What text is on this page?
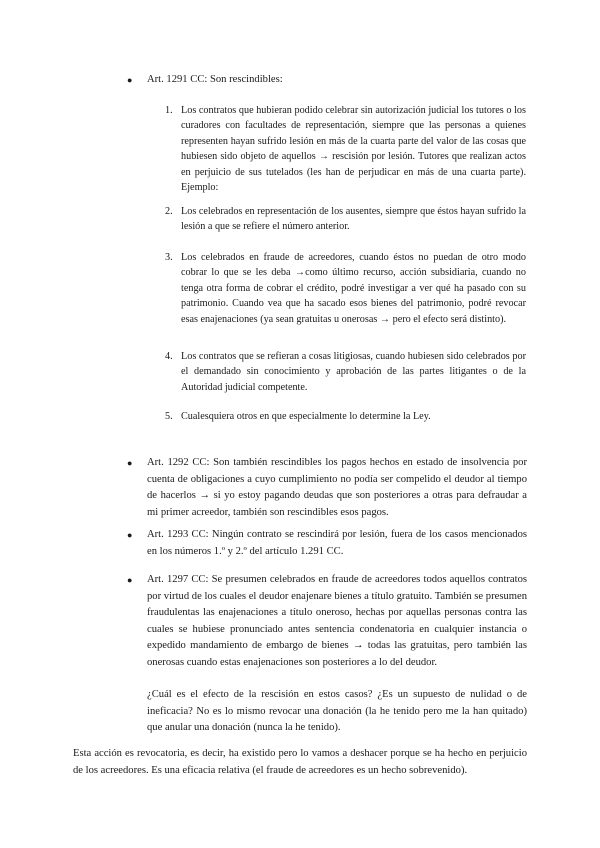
● Art. 1291 CC: Son rescindibles:
1. Los contratos que hubieran podido celebrar sin autorización judicial los tutores o los curadores con facultades de representación, siempre que las personas a quienes representen hayan sufrido lesión en más de la cuarta parte del valor de las cosas que hubiesen sido objeto de aquellos → rescisión por lesión. Tutores que realizan actos en perjuicio de sus tutelados (les han de perjudicar en más de una cuarta parte). Ejemplo:
2. Los celebrados en representación de los ausentes, siempre que éstos hayan sufrido la lesión a que se refiere el número anterior.
3. Los celebrados en fraude de acreedores, cuando éstos no puedan de otro modo cobrar lo que se les deba →como último recurso, acción subsidiaria, cuando no tenga otra forma de cobrar el crédito, podré investigar a ver qué ha pasado con su patrimonio. Cuando vea que ha sacado esos bienes del patrimonio, podré revocar esas enajenaciones (ya sean gratuitas u onerosas → pero el efecto será distinto).
4. Los contratos que se refieran a cosas litigiosas, cuando hubiesen sido celebrados por el demandado sin conocimiento y aprobación de las partes litigantes o de la Autoridad judicial competente.
5. Cualesquiera otros en que especialmente lo determine la Ley.
● Art. 1292 CC: Son también rescindibles los pagos hechos en estado de insolvencia por cuenta de obligaciones a cuyo cumplimiento no podía ser compelido el deudor al tiempo de hacerlos → si yo estoy pagando deudas que son posteriores a otras para defraudar a mi primer acreedor, también son rescindibles esos pagos.
● Art. 1293 CC: Ningún contrato se rescindirá por lesión, fuera de los casos mencionados en los números 1.º y 2.º del artículo 1.291 CC.
● Art. 1297 CC: Se presumen celebrados en fraude de acreedores todos aquellos contratos por virtud de los cuales el deudor enajenare bienes a título gratuito. También se presumen fraudulentas las enajenaciones a título oneroso, hechas por aquellas personas contra las cuales se hubiese pronunciado antes sentencia condenatoria en cualquier instancia o expedido mandamiento de embargo de bienes → todas las gratuitas, pero también las onerosas cuando estas enajenaciones son posteriores a lo del deudor.
¿Cuál es el efecto de la rescisión en estos casos? ¿Es un supuesto de nulidad o de ineficacia? No es lo mismo revocar una donación (la he tenido pero me la han quitado) que anular una donación (nunca la he tenido).
Esta acción es revocatoria, es decir, ha existido pero lo vamos a deshacer porque se ha hecho en perjuicio de los acreedores. Es una eficacia relativa (el fraude de acreedores es un hecho sobrevenido).
